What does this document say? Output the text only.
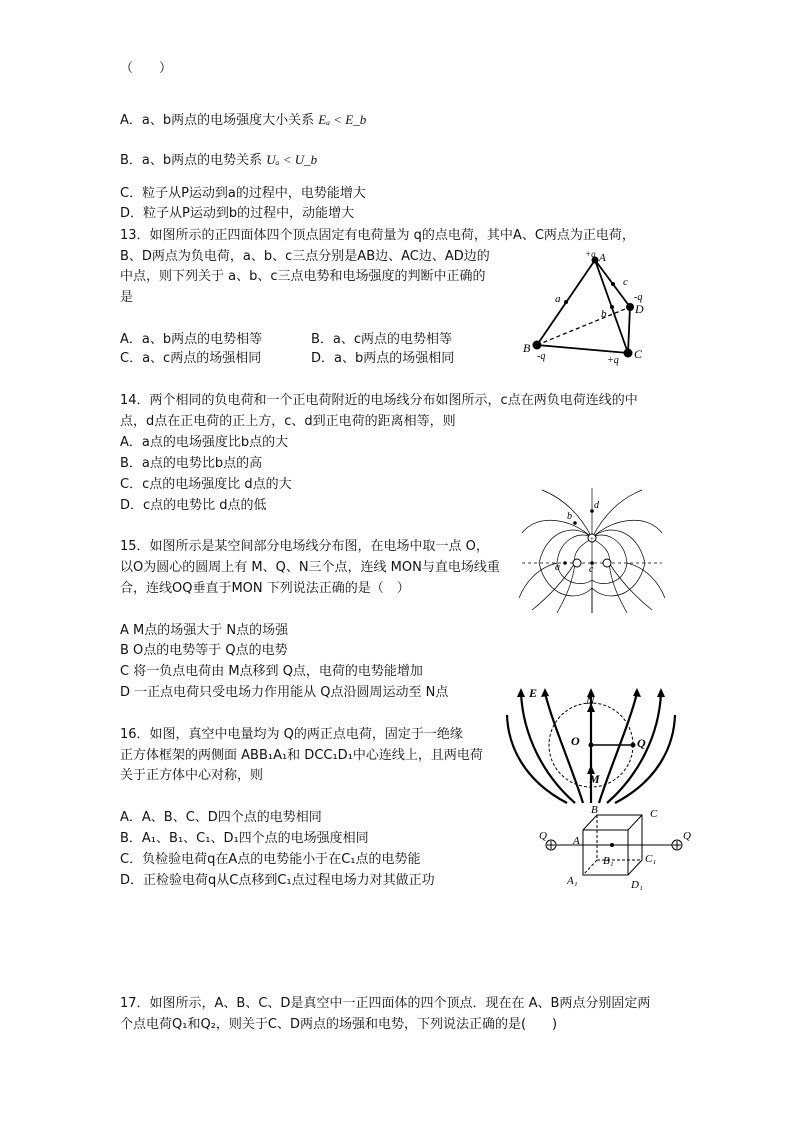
（　　）
A．a、b两点的电场强度大小关系 Eₐ < E_b
B．a、b两点的电势关系 Uₐ < U_b
C．粒子从P运动到a的过程中，电势能增大
D．粒子从P运动到b的过程中，动能增大
13．如图所示的正四面体四个顶点固定有电荷量为 q的点电荷，其中A、C两点为正电荷，
B、D两点为负电荷，a、b、c三点分别是AB边、AC边、AD边的
中点，则下列关于 a、b、c三点电势和电场强度的判断中正确的
是
A．a、b两点的电势相等	B．a、c两点的电势相等
C．a、c两点的场强相同	D．a、b两点的场强相同
+q A
a
c
b
-q
D
B
-q	C
+q
14．两个相同的负电荷和一个正电荷附近的电场线分布如图所示，c点在两负电荷连线的中
点，d点在正电荷的正上方，c、d到正电荷的距离相等，则
A．a点的电场强度比b点的大
B．a点的电势比b点的高
C．c点的电场强度比 d点的大
D．c点的电势比 d点的低
+
d
b
a	c
15．如图所示是某空间部分电场线分布图，在电场中取一点 O，
以O为圆心的圆周上有 M、Q、N三个点，连线 MON与直电场线重
合，连线OQ垂直于MON 下列说法正确的是（　）
A M点的场强大于 N点的场强
B O点的电势等于 Q点的电势
C 将一负点电荷由 M点移到 Q点，电荷的电势能增加
D 一正点电荷只受电场力作用能从 Q点沿圆周运动至 N点	E	N
O	Q
M
16．如图，真空中电量均为 Q的两正点电荷，固定于一绝缘
正方体框架的两侧面 ABB₁A₁和 DCC₁D₁中心连线上，且两电荷
关于正方体中心对称，则
A．A、B、C、D四个点的电势相同
B．A₁、B₁、C₁、D₁四个点的电场强度相同
C．负检验电荷q在A点的电势能小于在C₁点的电势能
D．正检验电荷q从C点移到C₁点过程电场力对其做正功
Q	Q
B	C
A
B₁	C₁
A₁	D₁
17．如图所示，A、B、C、D是真空中一正四面体的四个顶点．现在在 A、B两点分别固定两
个点电荷Q₁和Q₂，则关于C、D两点的场强和电势，下列说法正确的是(　　)
